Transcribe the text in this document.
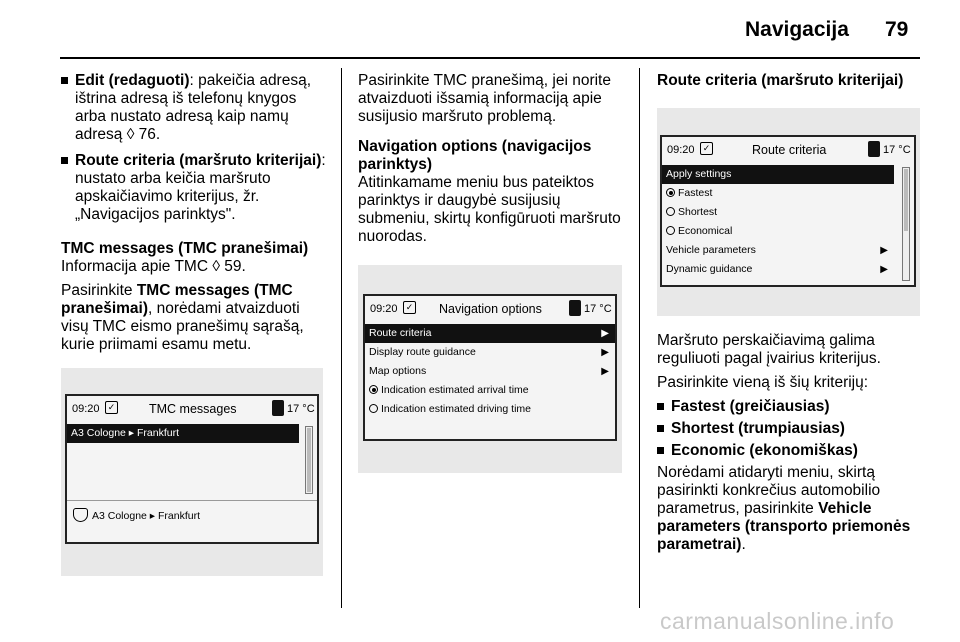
Navigacija 79
Edit (redaguoti): pakeičia adresą, ištrina adresą iš telefonų knygos arba nustato adresą kaip namų adresą ◊ 76.
Route criteria (maršruto kriterijai): nustato arba keičia maršruto apskaičiavimo kriterijus, žr. „Navigacijos parinktys".
TMC messages (TMC pranešimai)
Informacija apie TMC ◊ 59.
Pasirinkite TMC messages (TMC pranešimai), norėdami atvaizduoti visų TMC eismo pranešimų sąrašą, kurie priimami esamu metu.
09:20 ✓	TMC messages	17 °C
A3 Cologne ▸ Frankfurt
A3 Cologne ▸ Frankfurt
Pasirinkite TMC pranešimą, jei norite atvaizduoti išsamią informaciją apie susijusio maršruto problemą.
Navigation options (navigacijos parinktys)
Atitinkamame meniu bus pateiktos parinktys ir daugybė susijusių submeniu, skirtų konfigūruoti maršruto nuorodas.
09:20 ✓ Navigation options	17 °C
Route criteria	▶
Display route guidance	▶
Map options	▶
Indication estimated arrival time
Indication estimated driving time
Route criteria (maršruto kriterijai)
09:20 ✓	Route criteria	17 °C
Apply settings
Fastest
Shortest
Economical
Vehicle parameters	▶
Dynamic guidance	▶
Maršruto perskaičiavimą galima reguliuoti pagal įvairius kriterijus.
Pasirinkite vieną iš šių kriterijų:
Fastest (greičiausias)
Shortest (trumpiausias)
Economic (ekonomiškas)
Norėdami atidaryti meniu, skirtą pasirinkti konkrečius automobilio parametrus, pasirinkite Vehicle parameters (transporto priemonės parametrai).
carmanualsonline.info
